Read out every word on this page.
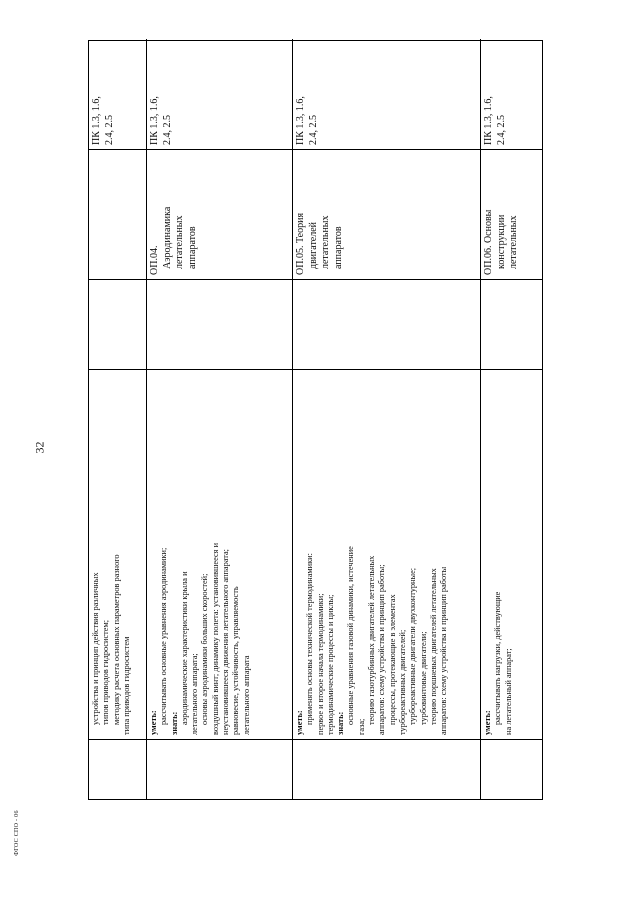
32
ФГОС СПО - 06
устройства и принцип действия различных типов приводов гидросистем; методику расчета основных параметров разного типа приводов гидросистем
ПК 1.3, 1.6, 2.4, 2.5
уметь: рассчитывать основные уравнения аэродинамики; знать: аэродинамические характеристики крыла и летательного аппарата; основы аэродинамики больших скоростей; воздушный винт; динамику полета: установившееся и неустановившееся движения летательного аппарата; равновесие, устойчивость, управляемость летательного аппарата
ОП.04. Аэродинамика летательных аппаратов
ПК 1.3, 1.6, 2.4, 2.5
уметь: применять основы технической термодинамики: первое и второе начала термодинамики; термодинамические процессы и циклы; знать: основные уравнения газовой динамики, истечение
газа;
теорию газотурбинных двигателей летательных аппаратов: схему устройства и принцип работы; процессы, протекающие в элементах турбореактивных двигателей; турбореактивные двигатели двухконтурные; турбовинтовые двигатели; теорию поршневых двигателей летательных аппаратов: схему устройства и принцип работы
ОП.05. Теория двигателей летательных аппаратов
ПК 1.3, 1.6, 2.4, 2.5
уметь: рассчитывать нагрузки, действующие на летательный аппарат;
ОП.06. Основы конструкции летательных
ПК 1.3, 1.6, 2.4, 2.5
